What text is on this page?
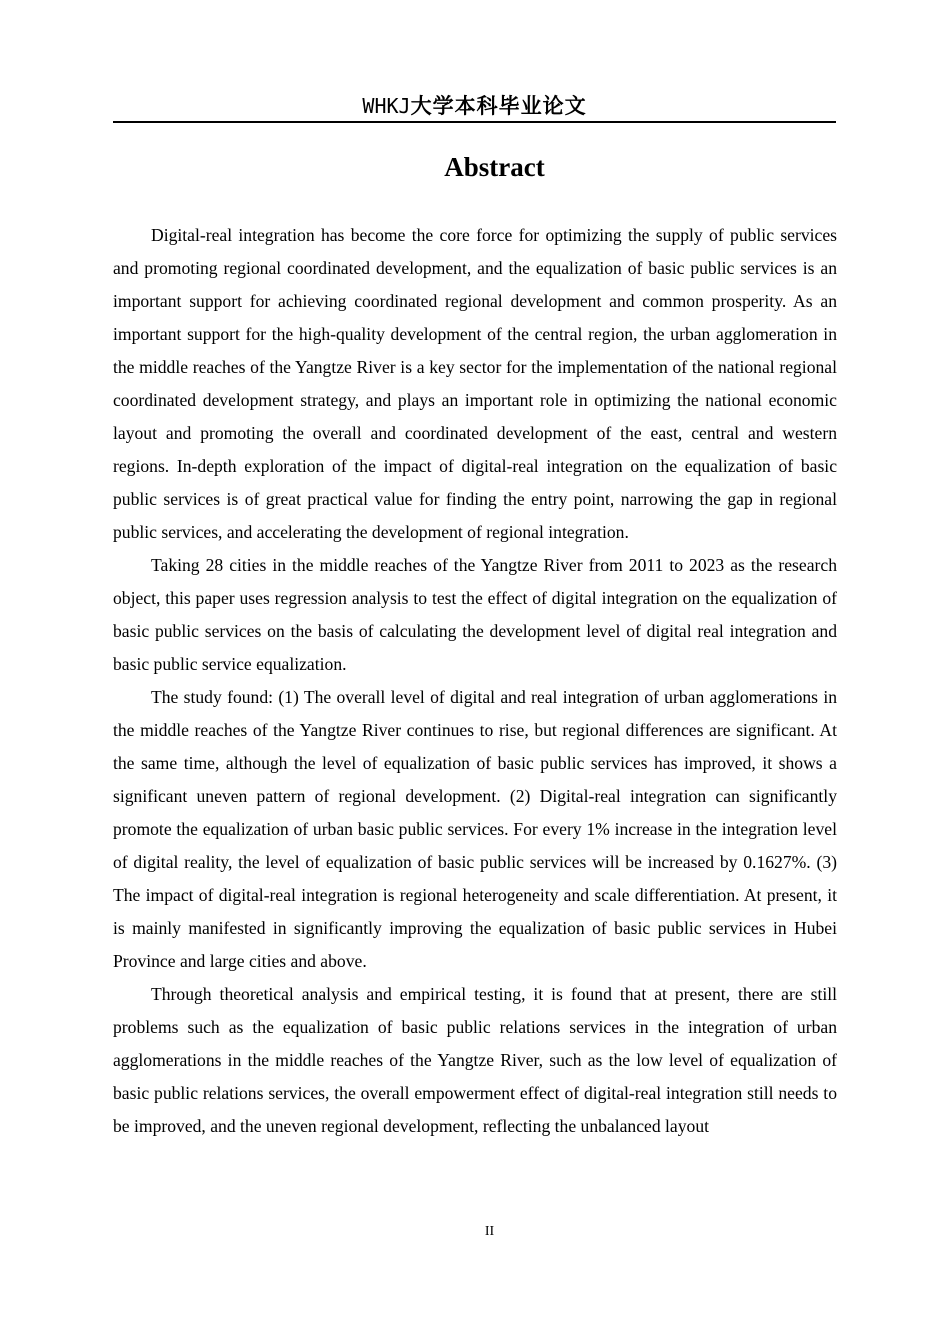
WHKJ大学本科毕业论文
Abstract

Digital-real integration has become the core force for optimizing the supply of public services and promoting regional coordinated development, and the equalization of basic public services is an important support for achieving coordinated regional development and common prosperity. As an important support for the high-quality development of the central region, the urban agglomeration in the middle reaches of the Yangtze River is a key sector for the implementation of the national regional coordinated development strategy, and plays an important role in optimizing the national economic layout and promoting the overall and coordinated development of the east, central and western regions. In-depth exploration of the impact of digital-real integration on the equalization of basic public services is of great practical value for finding the entry point, narrowing the gap in regional public services, and accelerating the development of regional integration.

Taking 28 cities in the middle reaches of the Yangtze River from 2011 to 2023 as the research object, this paper uses regression analysis to test the effect of digital integration on the equalization of basic public services on the basis of calculating the development level of digital real integration and basic public service equalization.

The study found: (1) The overall level of digital and real integration of urban agglomerations in the middle reaches of the Yangtze River continues to rise, but regional differences are significant. At the same time, although the level of equalization of basic public services has improved, it shows a significant uneven pattern of regional development. (2) Digital-real integration can significantly promote the equalization of urban basic public services. For every 1% increase in the integration level of digital reality, the level of equalization of basic public services will be increased by 0.1627%. (3) The impact of digital-real integration is regional heterogeneity and scale differentiation. At present, it is mainly manifested in significantly improving the equalization of basic public services in Hubei Province and large cities and above.

Through theoretical analysis and empirical testing, it is found that at present, there are still problems such as the equalization of basic public relations services in the integration of urban agglomerations in the middle reaches of the Yangtze River, such as the low level of equalization of basic public relations services, the overall empowerment effect of digital-real integration still needs to be improved, and the uneven regional development, reflecting the unbalanced layout

II
